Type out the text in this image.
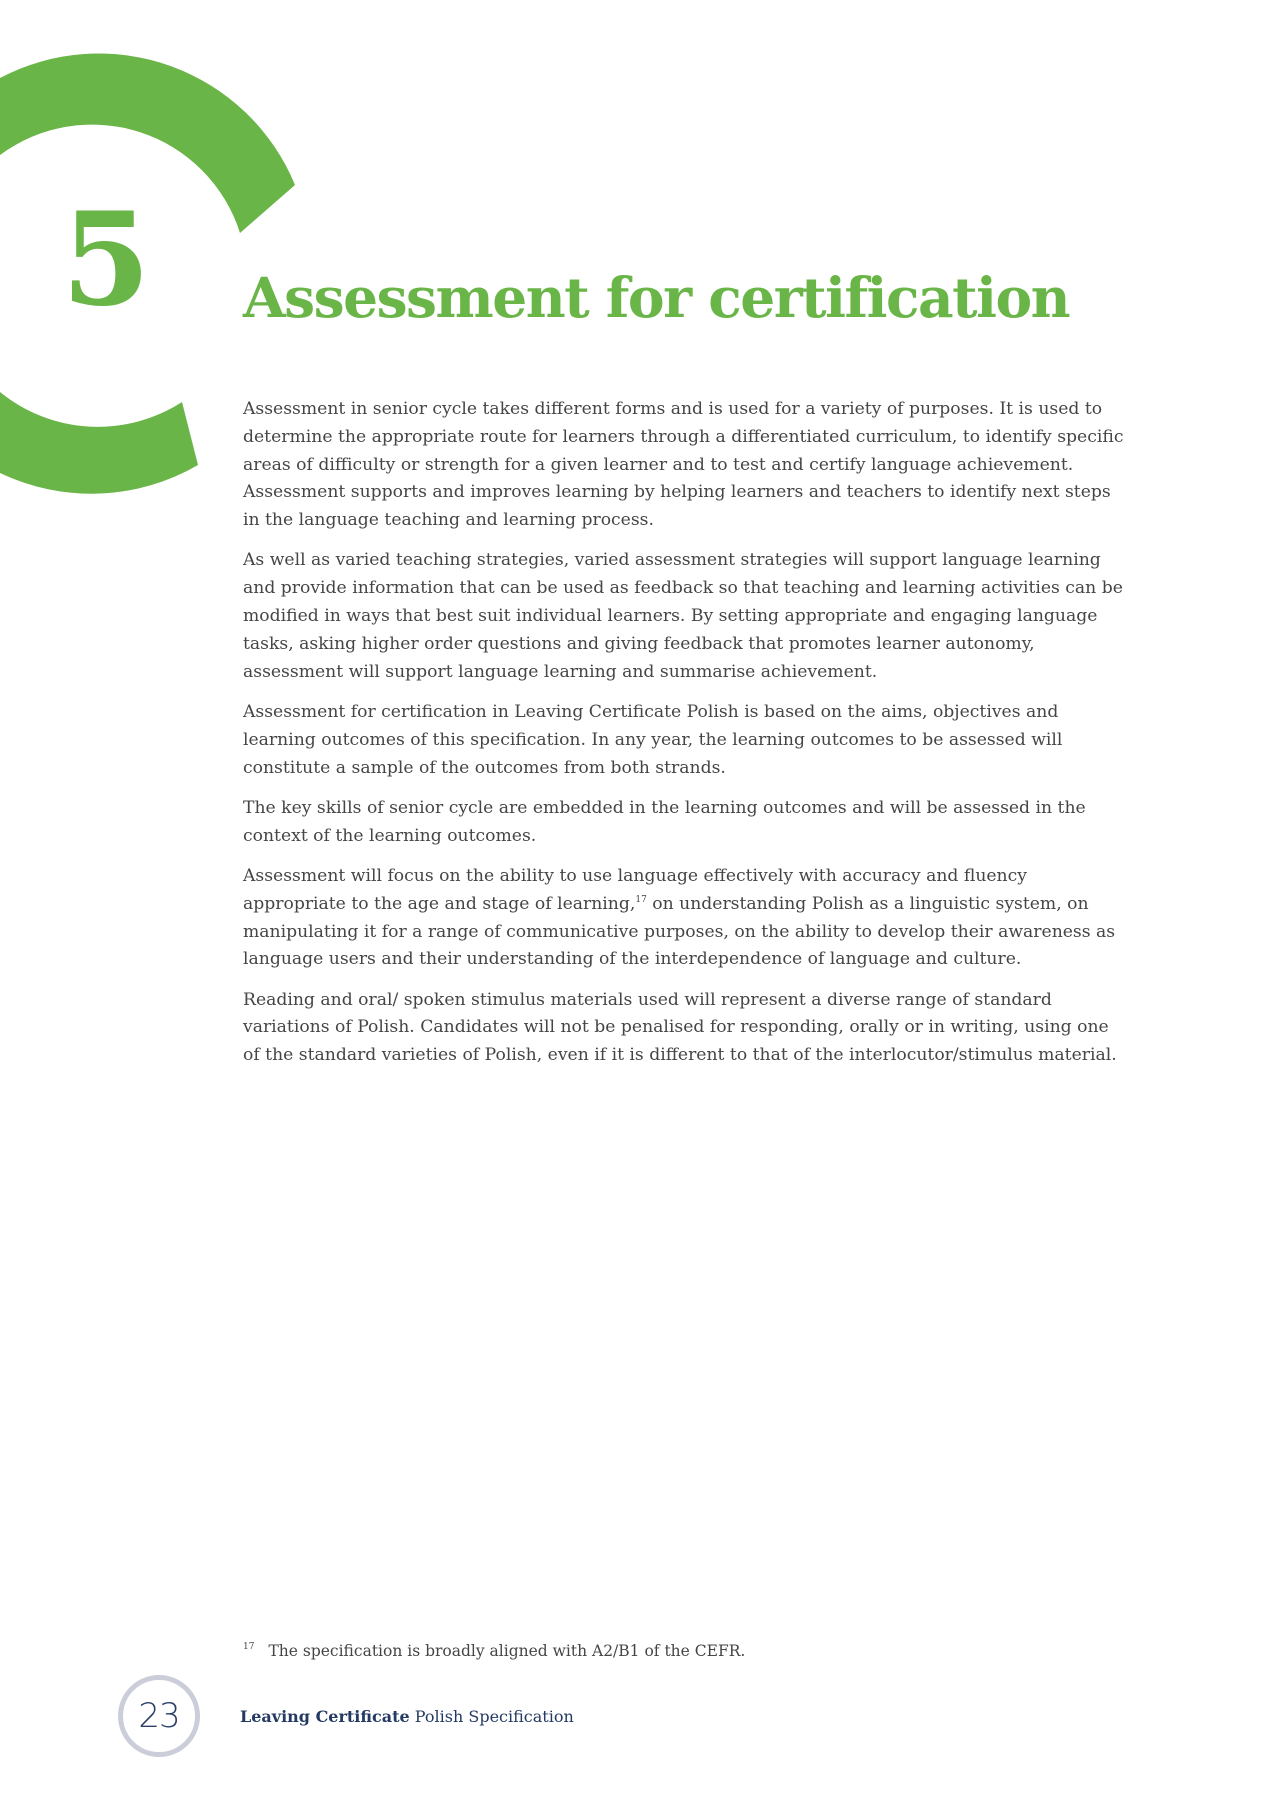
5 Assessment for certification

Assessment in senior cycle takes different forms and is used for a variety of purposes. It is used to determine the appropriate route for learners through a differentiated curriculum, to identify specific areas of difficulty or strength for a given learner and to test and certify language achievement. Assessment supports and improves learning by helping learners and teachers to identify next steps in the language teaching and learning process.

As well as varied teaching strategies, varied assessment strategies will support language learning and provide information that can be used as feedback so that teaching and learning activities can be modified in ways that best suit individual learners. By setting appropriate and engaging language tasks, asking higher order questions and giving feedback that promotes learner autonomy, assessment will support language learning and summarise achievement.

Assessment for certification in Leaving Certificate Polish is based on the aims, objectives and learning outcomes of this specification. In any year, the learning outcomes to be assessed will constitute a sample of the outcomes from both strands.

The key skills of senior cycle are embedded in the learning outcomes and will be assessed in the context of the learning outcomes.

Assessment will focus on the ability to use language effectively with accuracy and fluency appropriate to the age and stage of learning,$^{17}$ on understanding Polish as a linguistic system, on manipulating it for a range of communicative purposes, on the ability to develop their awareness as language users and their understanding of the interdependence of language and culture.

Reading and oral/ spoken stimulus materials used will represent a diverse range of standard variations of Polish. Candidates will not be penalised for responding, orally or in writing, using one of the standard varieties of Polish, even if it is different to that of the interlocutor/stimulus material.

17 The specification is broadly aligned with A2/B1 of the CEFR.
23	Leaving Certificate Polish Specification
